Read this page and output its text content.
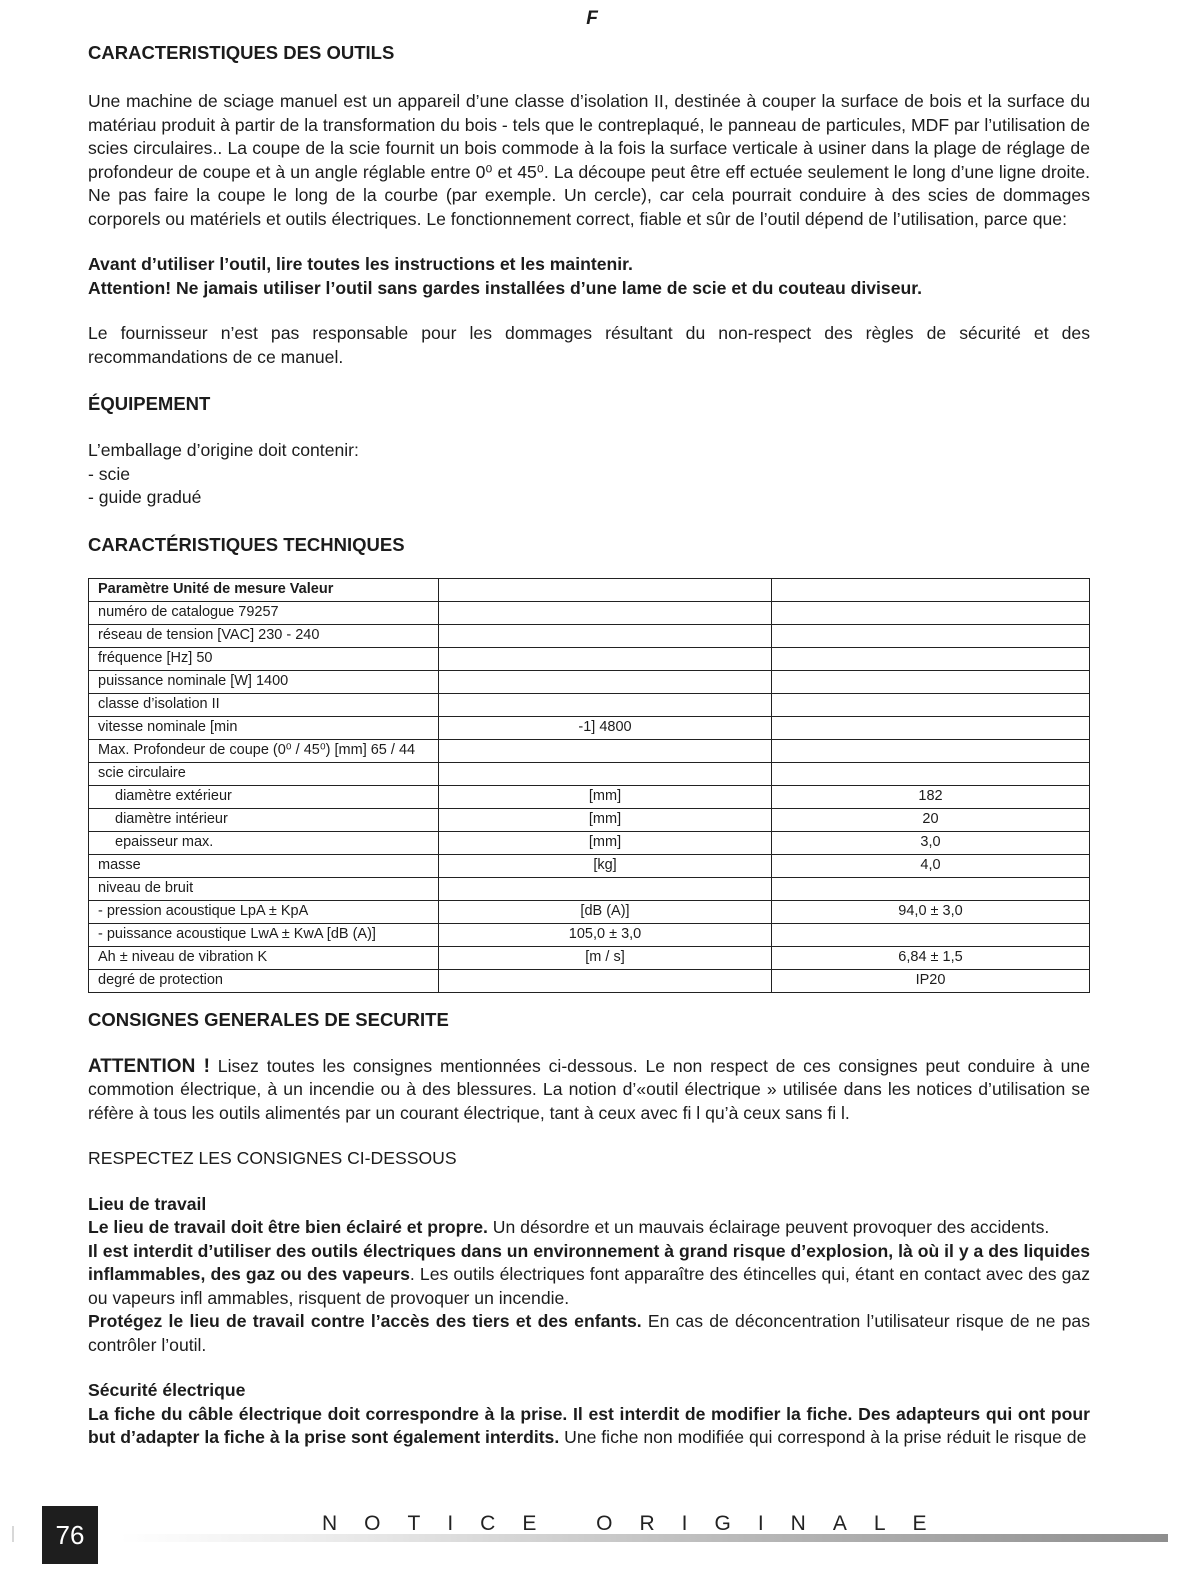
F
CARACTERISTIQUES DES OUTILS

Une machine de sciage manuel est un appareil d’une classe d’isolation II, destinée à couper la surface de bois et la surface du matériau produit à partir de la transformation du bois - tels que le contreplaqué, le panneau de particules, MDF par l’utilisation de scies circulaires.. La coupe de la scie fournit un bois commode à la fois la surface verticale à usiner dans la plage de réglage de profondeur de coupe et à un angle réglable entre 0⁰ et 45⁰. La découpe peut être eff ectuée seulement le long d’une ligne droite. Ne pas faire la coupe le long de la courbe (par exemple. Un cercle), car cela pourrait conduire à des scies de dommages corporels ou matériels et outils électriques. Le fonctionnement correct, fiable et sûr de l’outil dépend de l’utilisation, parce que:

Avant d’utiliser l’outil, lire toutes les instructions et les maintenir.

Attention! Ne jamais utiliser l’outil sans gardes installées d’une lame de scie et du couteau diviseur.

Le fournisseur n’est pas responsable pour les dommages résultant du non-respect des règles de sécurité et des recommandations de ce manuel.

ÉQUIPEMENT

L’emballage d’origine doit contenir:

- scie

- guide gradué

CARACTÉRISTIQUES TECHNIQUES
Paramètre Unité de mesure Valeur		
numéro de catalogue 79257		
réseau de tension [VAC] 230 - 240		
fréquence [Hz] 50		
puissance nominale [W] 1400		
classe d’isolation II		
vitesse nominale [min	-1] 4800	
Max. Profondeur de coupe (0⁰ / 45⁰) [mm] 65 / 44		
scie circulaire		
diamètre extérieur	[mm]	182
diamètre intérieur	[mm]	20
epaisseur max.	[mm]	3,0
masse	[kg]	4,0
niveau de bruit		
- pression acoustique LpA ± KpA	[dB (A)]	94,0 ± 3,0
- puissance acoustique LwA ± KwA [dB (A)]	105,0 ± 3,0	
Ah ± niveau de vibration K	[m / s]	6,84 ± 1,5
degré de protection		IP20
CONSIGNES GENERALES DE SECURITE

ATTENTION ! Lisez toutes les consignes mentionnées ci-dessous. Le non respect de ces consignes peut conduire à une commotion électrique, à un incendie ou à des blessures. La notion d’«outil électrique » utilisée dans les notices d’utilisation se réfère à tous les outils alimentés par un courant électrique, tant à ceux avec fi l qu’à ceux sans fi l.

RESPECTEZ LES CONSIGNES CI-DESSOUS

Lieu de travail

Le lieu de travail doit être bien éclairé et propre. Un désordre et un mauvais éclairage peuvent provoquer des accidents.

Il est interdit d’utiliser des outils électriques dans un environnement à grand risque d’explosion, là où il y a des liquides inflammables, des gaz ou des vapeurs. Les outils électriques font apparaître des étincelles qui, étant en contact avec des gaz ou vapeurs infl ammables, risquent de provoquer un incendie.

Protégez le lieu de travail contre l’accès des tiers et des enfants. En cas de déconcentration l’utilisateur risque de ne pas contrôler l’outil.

Sécurité électrique

La fiche du câble électrique doit correspondre à la prise. Il est interdit de modifier la fiche. Des adapteurs qui ont pour but d’adapter la fiche à la prise sont également interdits. Une fiche non modifiée qui correspond à la prise réduit le risque de

76	NOTICE ORIGINALE
